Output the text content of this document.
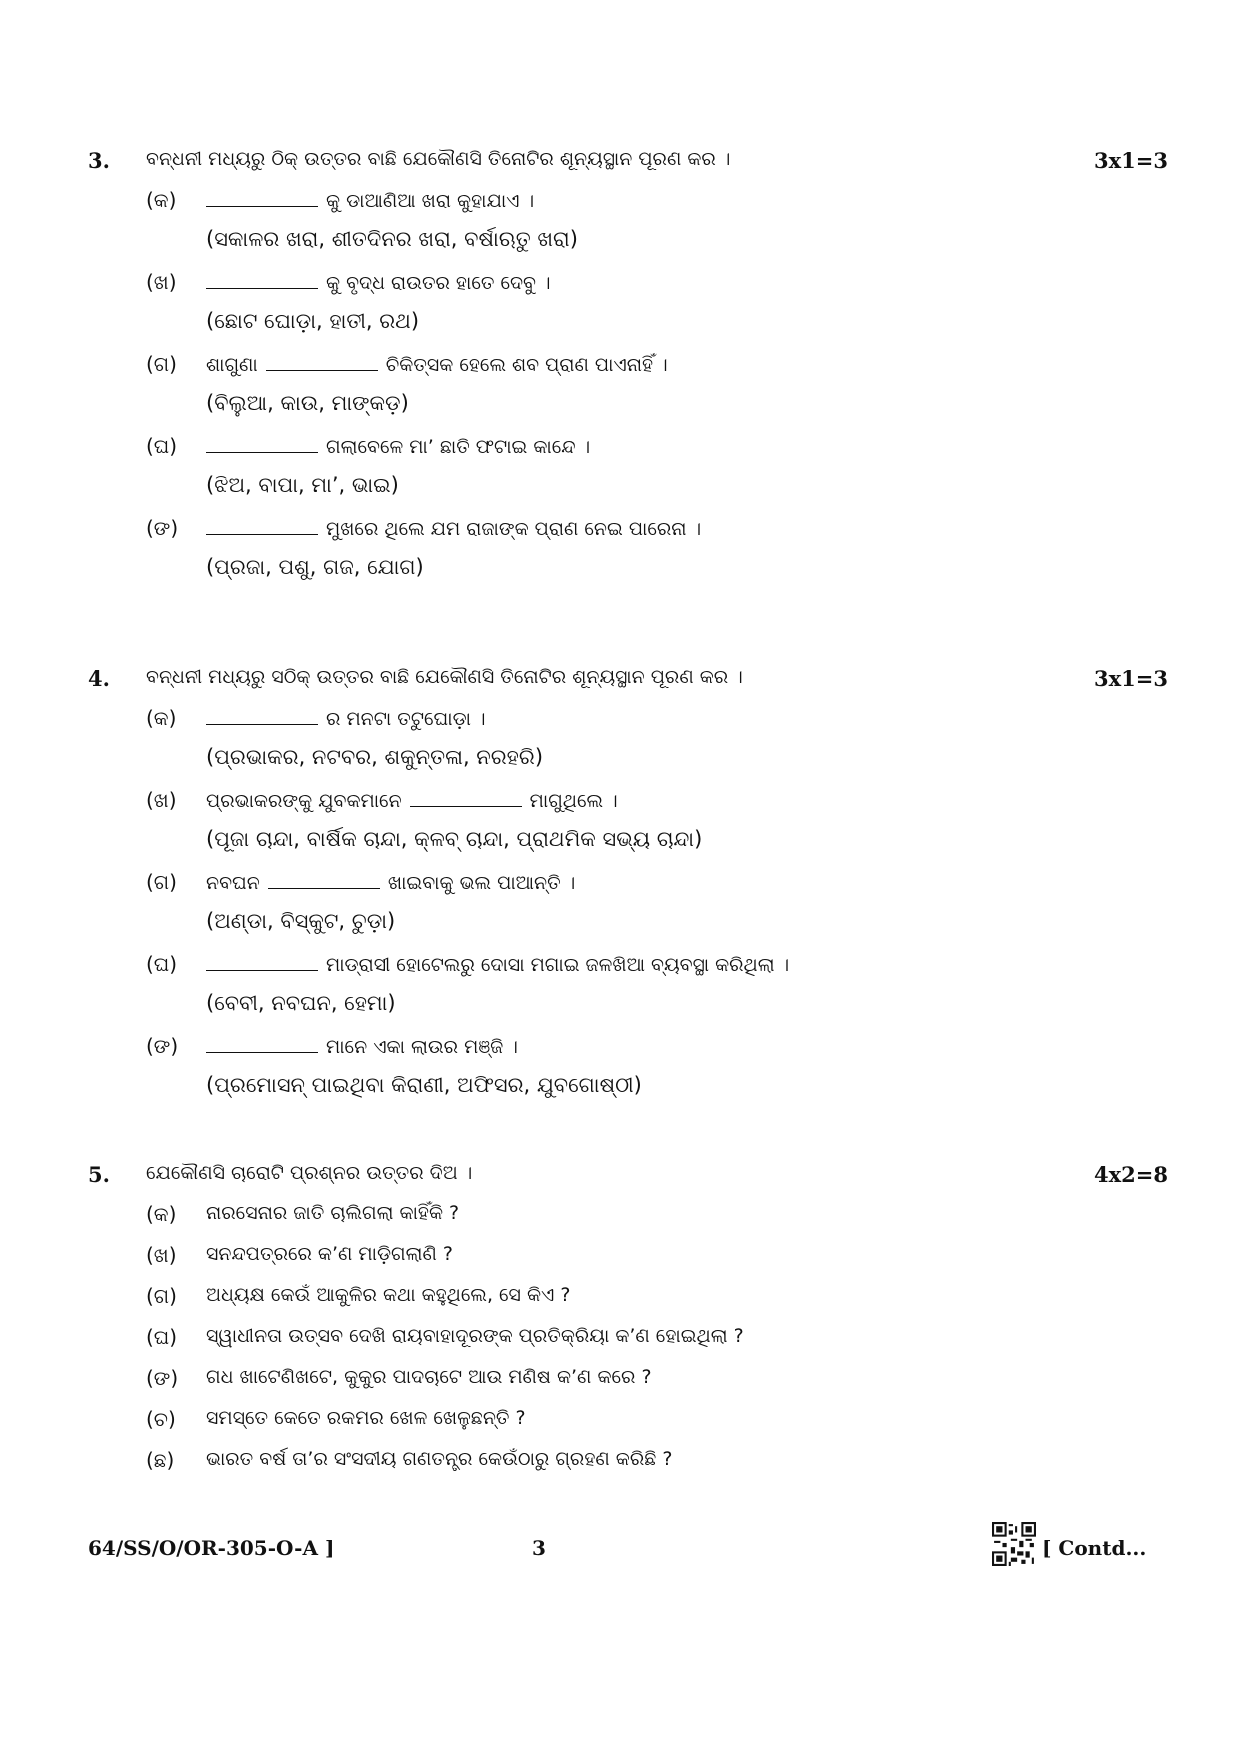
3. ବନ୍ଧନୀ ମଧ୍ୟରୁ ଠିକ୍ ଉତ୍ତର ବାଛି ଯେକୌଣସି ତିନୋଟିର ଶୂନ୍ୟସ୍ଥାନ ପୂରଣ କର ।	3x1=3
(କ)	କୁ ଡାଆଣିଆ ଖରା କୁହାଯାଏ ।
(ସକାଳର ଖରା, ଶୀତଦିନର ଖରା, ବର୍ଷାଋତୁ ଖରା)
(ଖ)	କୁ ବୃଦ୍ଧ ରାଉତର ହାତେ ଦେବୁ ।
(ଛୋଟ ଘୋଡ଼ା, ହାତୀ, ରଥ)
(ଗ) ଶାଗୁଣା	ଚିକିତ୍ସକ ହେଲେ ଶବ ପ୍ରାଣ ପାଏନାହିଁ ।
(ବିଲୁଆ, କାଉ, ମାଙ୍କଡ଼)
(ଘ)	ଗଲାବେଳେ ମା’ ଛାତି ଫଟାଇ କାନ୍ଦେ ।
(ଝିଅ, ବାପା, ମା’, ଭାଇ)
(ଙ)	ମୁଖରେ ଥିଲେ ଯମ ରାଜାଙ୍କ ପ୍ରାଣ ନେଇ ପାରେନା ।
(ପ୍ରଜା, ପଶୁ, ଗଜ, ଯୋଗ)
4. ବନ୍ଧନୀ ମଧ୍ୟରୁ ସଠିକ୍ ଉତ୍ତର ବାଛି ଯେକୌଣସି ତିନୋଟିର ଶୂନ୍ୟସ୍ଥାନ ପୂରଣ କର ।	3x1=3
(କ)	ର ମନଟା ତଟୁଘୋଡ଼ା ।
(ପ୍ରଭାକର, ନଟବର, ଶକୁନ୍ତଳା, ନରହରି)
(ଖ) ପ୍ରଭାକରଙ୍କୁ ଯୁବକମାନେ	ମାଗୁଥିଲେ ।
(ପୂଜା ଚାନ୍ଦା, ବାର୍ଷିକ ଚାନ୍ଦା, କ୍ଳବ୍ ଚାନ୍ଦା, ପ୍ରାଥମିକ ସଭ୍ୟ ଚାନ୍ଦା)
(ଗ) ନବଘନ	ଖାଇବାକୁ ଭଲ ପାଆନ୍ତି ।
(ଅଣ୍ଡା, ବିସ୍କୁଟ, ଚୁଡ଼ା)
(ଘ)	ମାଡ୍ରାସୀ ହୋଟେଲରୁ ଦୋସା ମଗାଇ ଜଳଖିଆ ବ୍ୟବସ୍ଥା କରିଥିଲା ।
(ବେବୀ, ନବଘନ, ହେମା)
(ଙ)	ମାନେ ଏକା ଲାଉର ମଞ୍ଜି ।
(ପ୍ରମୋସନ୍ ପାଇଥିବା କିରାଣୀ, ଅଫିସର, ଯୁବଗୋଷ୍ଠୀ)
5. ଯେକୌଣସି ଚାରୋଟି ପ୍ରଶ୍ନର ଉତ୍ତର ଦିଅ ।	4x2=8
(କ) ନାରସେନାର ଜାତି ଚାଲିଗଲା କାହିଁକି ?
(ଖ) ସନନ୍ଦପତ୍ରରେ କ’ଣ ମାଡ଼ିଗଲାଣି ?
(ଗ) ଅଧ୍ୟକ୍ଷ କେଉଁ ଆକୁଳିର କଥା କହୁଥିଲେ, ସେ କିଏ ?
(ଘ) ସ୍ୱାଧୀନତା ଉତ୍ସବ ଦେଖି ରାୟବାହାଦୂରଙ୍କ ପ୍ରତିକ୍ରିୟା କ’ଣ ହୋଇଥିଲା ?
(ଙ) ଗଧ ଖାଟେଣିଖଟେ, କୁକୁର ପାଦଚାଟେ ଆଉ ମଣିଷ କ’ଣ କରେ ?
(ଚ) ସମସ୍ତେ କେତେ ରକମର ଖେଳ ଖେଳୁଛନ୍ତି ?
(ଛ) ଭାରତ ବର୍ଷ ତା’ର ସଂସଦୀୟ ଗଣତନ୍ତ୍ର କେଉଁଠାରୁ ଗ୍ରହଣ କରିଛି ?
64/SS/O/OR-305-O-A ]	3	[ Contd...
